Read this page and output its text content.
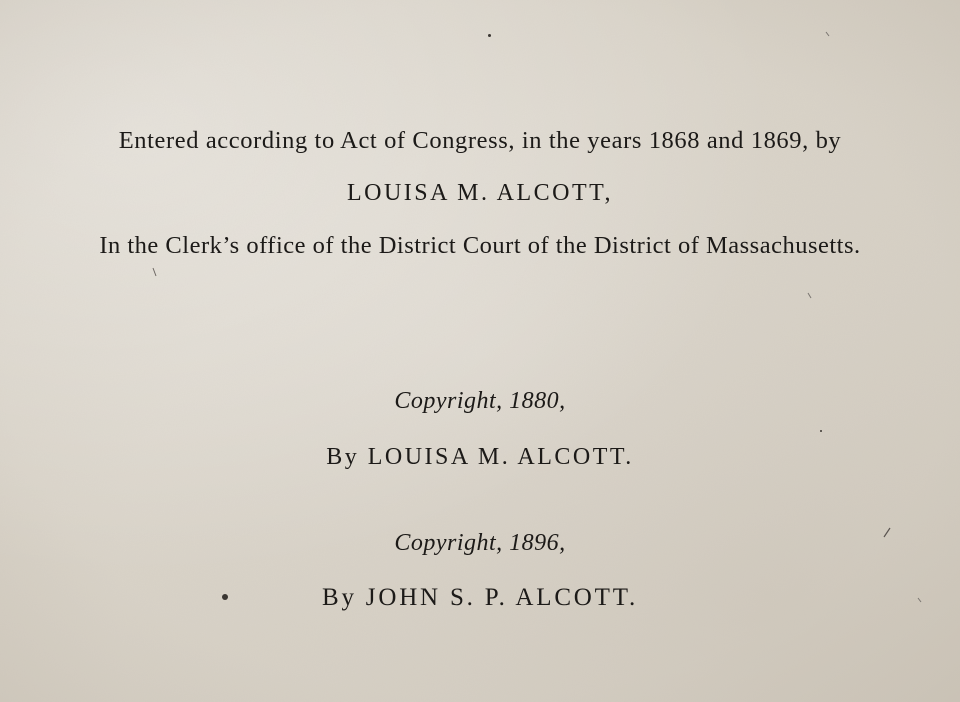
Entered according to Act of Congress, in the years 1868 and 1869, by
LOUISA M. ALCOTT,
In the Clerk’s office of the District Court of the District of Massachusetts.
Copyright, 1880,
By LOUISA M. ALCOTT.
Copyright, 1896,
By JOHN S. P. ALCOTT.
